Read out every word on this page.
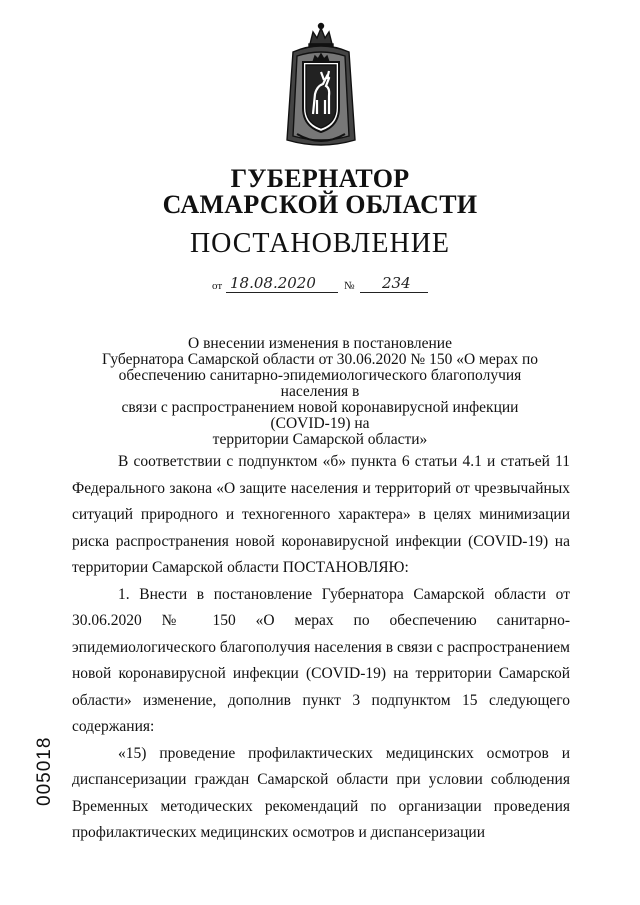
ГУБЕРНАТОР
САМАРСКОЙ ОБЛАСТИ
ПОСТАНОВЛЕНИЕ
от 18.08.2020	№ 234
О внесении изменения в постановление
Губернатора Самарской области от 30.06.2020 № 150 «О мерах по
обеспечению санитарно-эпидемиологического благополучия населения в
связи с распространением новой коронавирусной инфекции (COVID-19) на
территории Самарской области»

В соответствии с подпунктом «б» пункта 6 статьи 4.1 и статьей 11 Федерального закона «О защите населения и территорий от чрезвычайных ситуаций природного и техногенного характера» в целях минимизации риска распространения новой коронавирусной инфекции (COVID-19) на территории Самарской области ПОСТАНОВЛЯЮ:

1. Внести в постановление Губернатора Самарской области от 30.06.2020 № 150 «О мерах по обеспечению санитарно-эпидемиологического благополучия населения в связи с распространением новой коронавирусной инфекции (COVID-19) на территории Самарской области» изменение, дополнив пункт 3 подпунктом 15 следующего содержания:

«15) проведение профилактических медицинских осмотров и диспансеризации граждан Самарской области при условии соблюдения Временных методических рекомендаций по организации проведения профилактических медицинских осмотров и диспансеризации

005018
